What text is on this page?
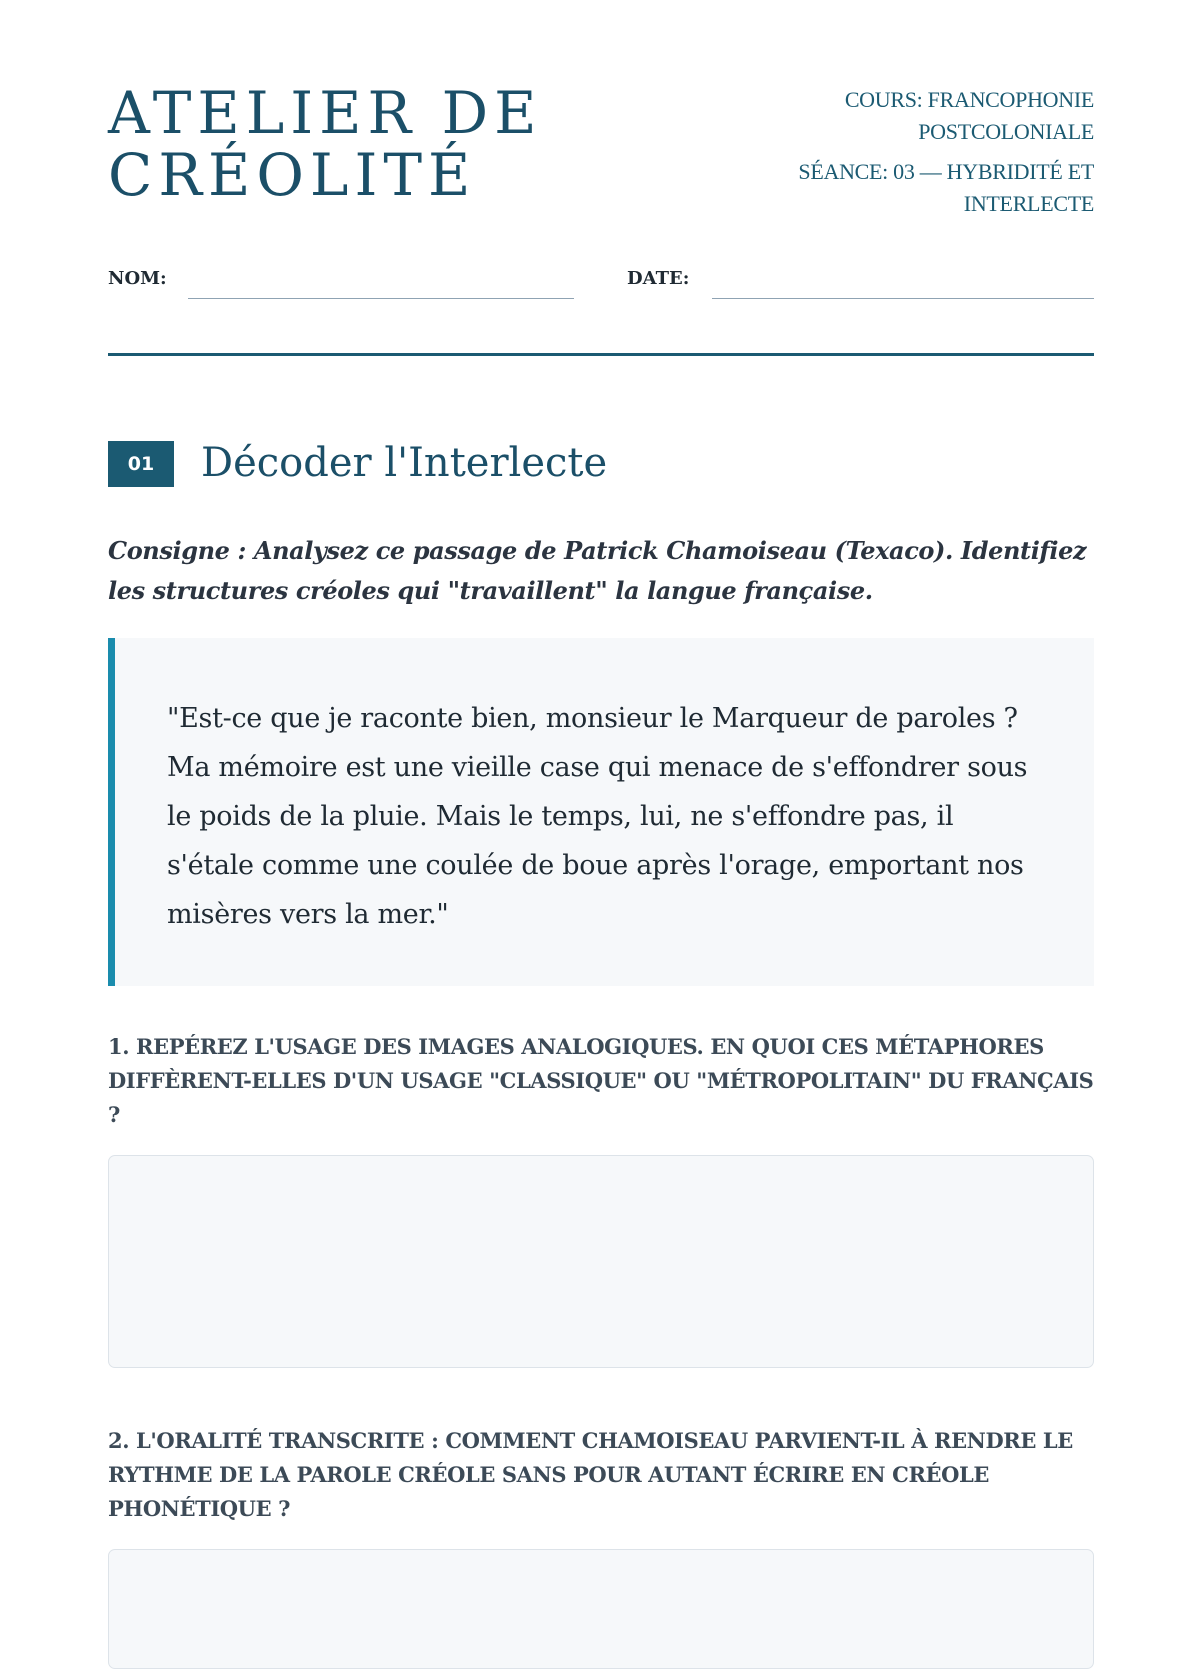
ATELIER DE
CRÉOLITÉ

COURS: FRANCOPHONIE POSTCOLONIALE

SÉANCE: 03 — HYBRIDITÉ ET INTERLECTE

NOM:	DATE:
01	Décoder l'Interlecte

Consigne : Analysez ce passage de Patrick Chamoiseau (Texaco). Identifiez les structures créoles qui "travaillent" la langue française.

"Est-ce que je raconte bien, monsieur le Marqueur de paroles ? Ma mémoire est une vieille case qui menace de s'effondrer sous le poids de la pluie. Mais le temps, lui, ne s'effondre pas, il s'étale comme une coulée de boue après l'orage, emportant nos misères vers la mer."

1. REPÉREZ L'USAGE DES IMAGES ANALOGIQUES. EN QUOI CES MÉTAPHORES DIFFÈRENT-ELLES D'UN USAGE "CLASSIQUE" OU "MÉTROPOLITAIN" DU FRANÇAIS ?

2. L'ORALITÉ TRANSCRITE : COMMENT CHAMOISEAU PARVIENT-IL À RENDRE LE RYTHME DE LA PAROLE CRÉOLE SANS POUR AUTANT ÉCRIRE EN CRÉOLE PHONÉTIQUE ?
